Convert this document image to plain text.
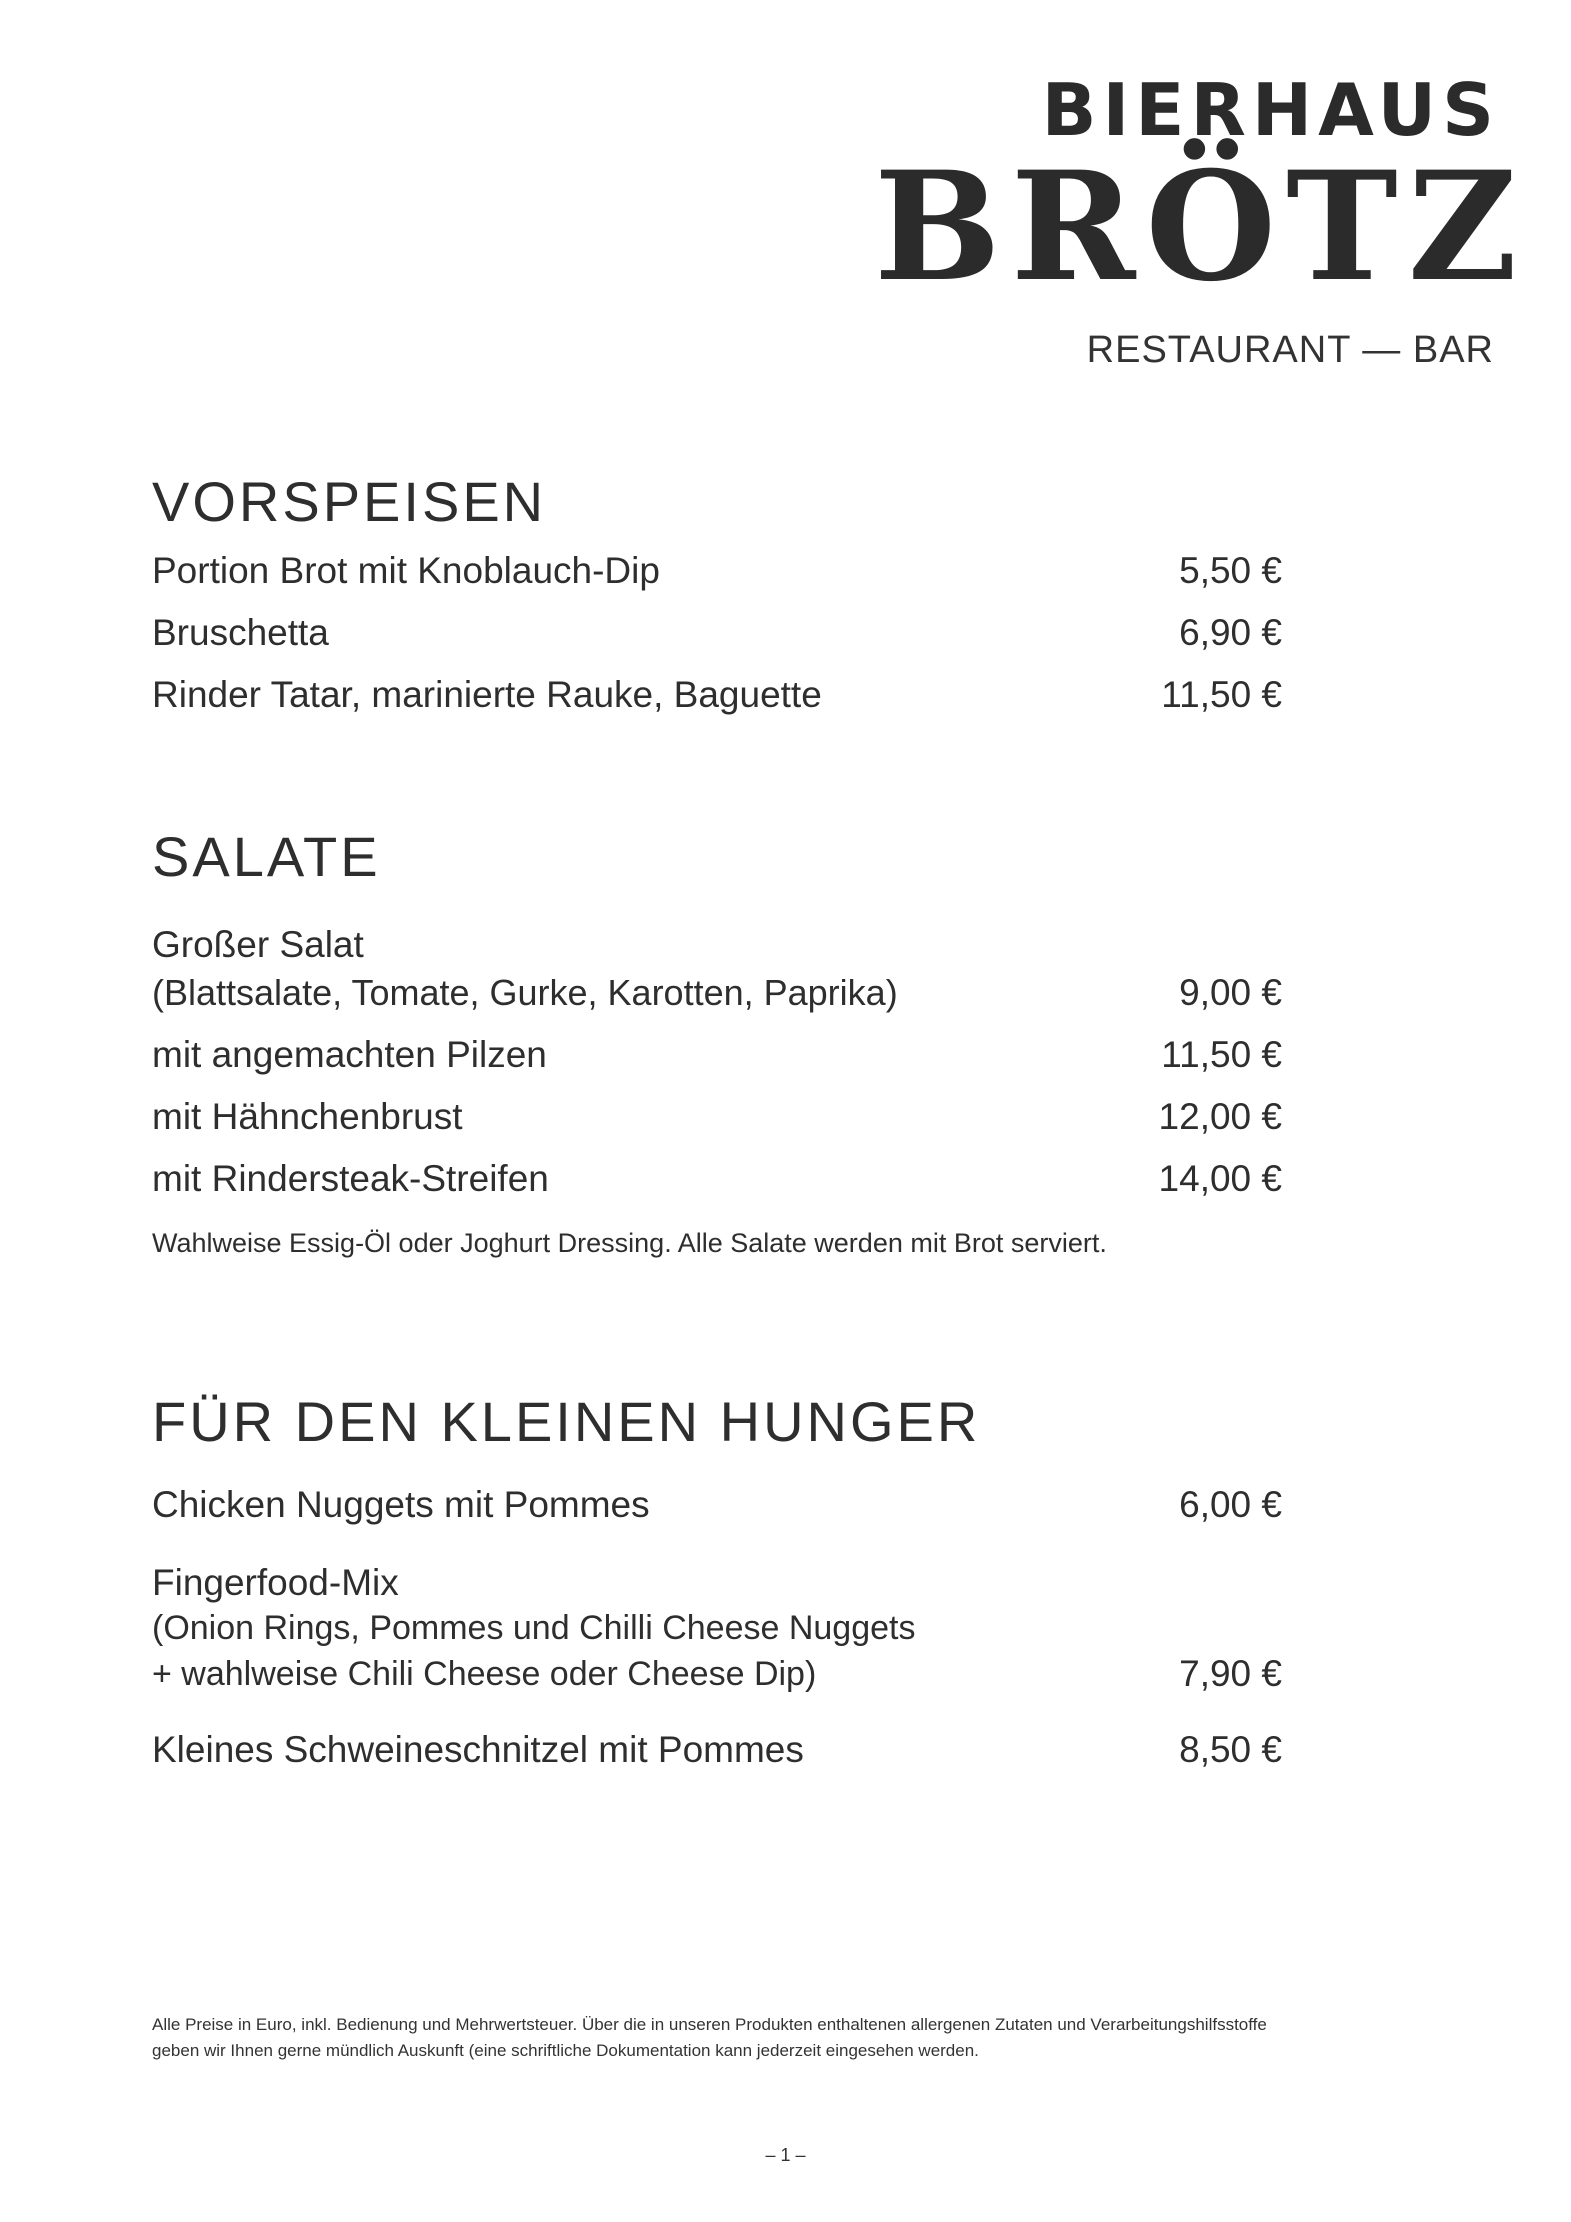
BIERHAUS
BRÖTZ
RESTAURANT — BAR
VORSPEISEN
Portion Brot mit Knoblauch-Dip	5,50 €
Bruschetta	6,90 €
Rinder Tatar, marinierte Rauke, Baguette	11,50 €
SALATE
Großer Salat
(Blattsalate, Tomate, Gurke, Karotten, Paprika)	9,00 €
mit angemachten Pilzen	11,50 €
mit Hähnchenbrust	12,00 €
mit Rindersteak-Streifen	14,00 €
Wahlweise Essig-Öl oder Joghurt Dressing. Alle Salate werden mit Brot serviert.
FÜR DEN KLEINEN HUNGER
Chicken Nuggets mit Pommes	6,00 €
Fingerfood-Mix
(Onion Rings, Pommes und Chilli Cheese Nuggets
+ wahlweise Chili Cheese oder Cheese Dip)	7,90 €
Kleines Schweineschnitzel mit Pommes	8,50 €
Alle Preise in Euro, inkl. Bedienung und Mehrwertsteuer. Über die in unseren Produkten enthaltenen allergenen Zutaten und Verarbeitungshilfsstoffe
geben wir Ihnen gerne mündlich Auskunft (eine schriftliche Dokumentation kann jederzeit eingesehen werden.
– 1 –
